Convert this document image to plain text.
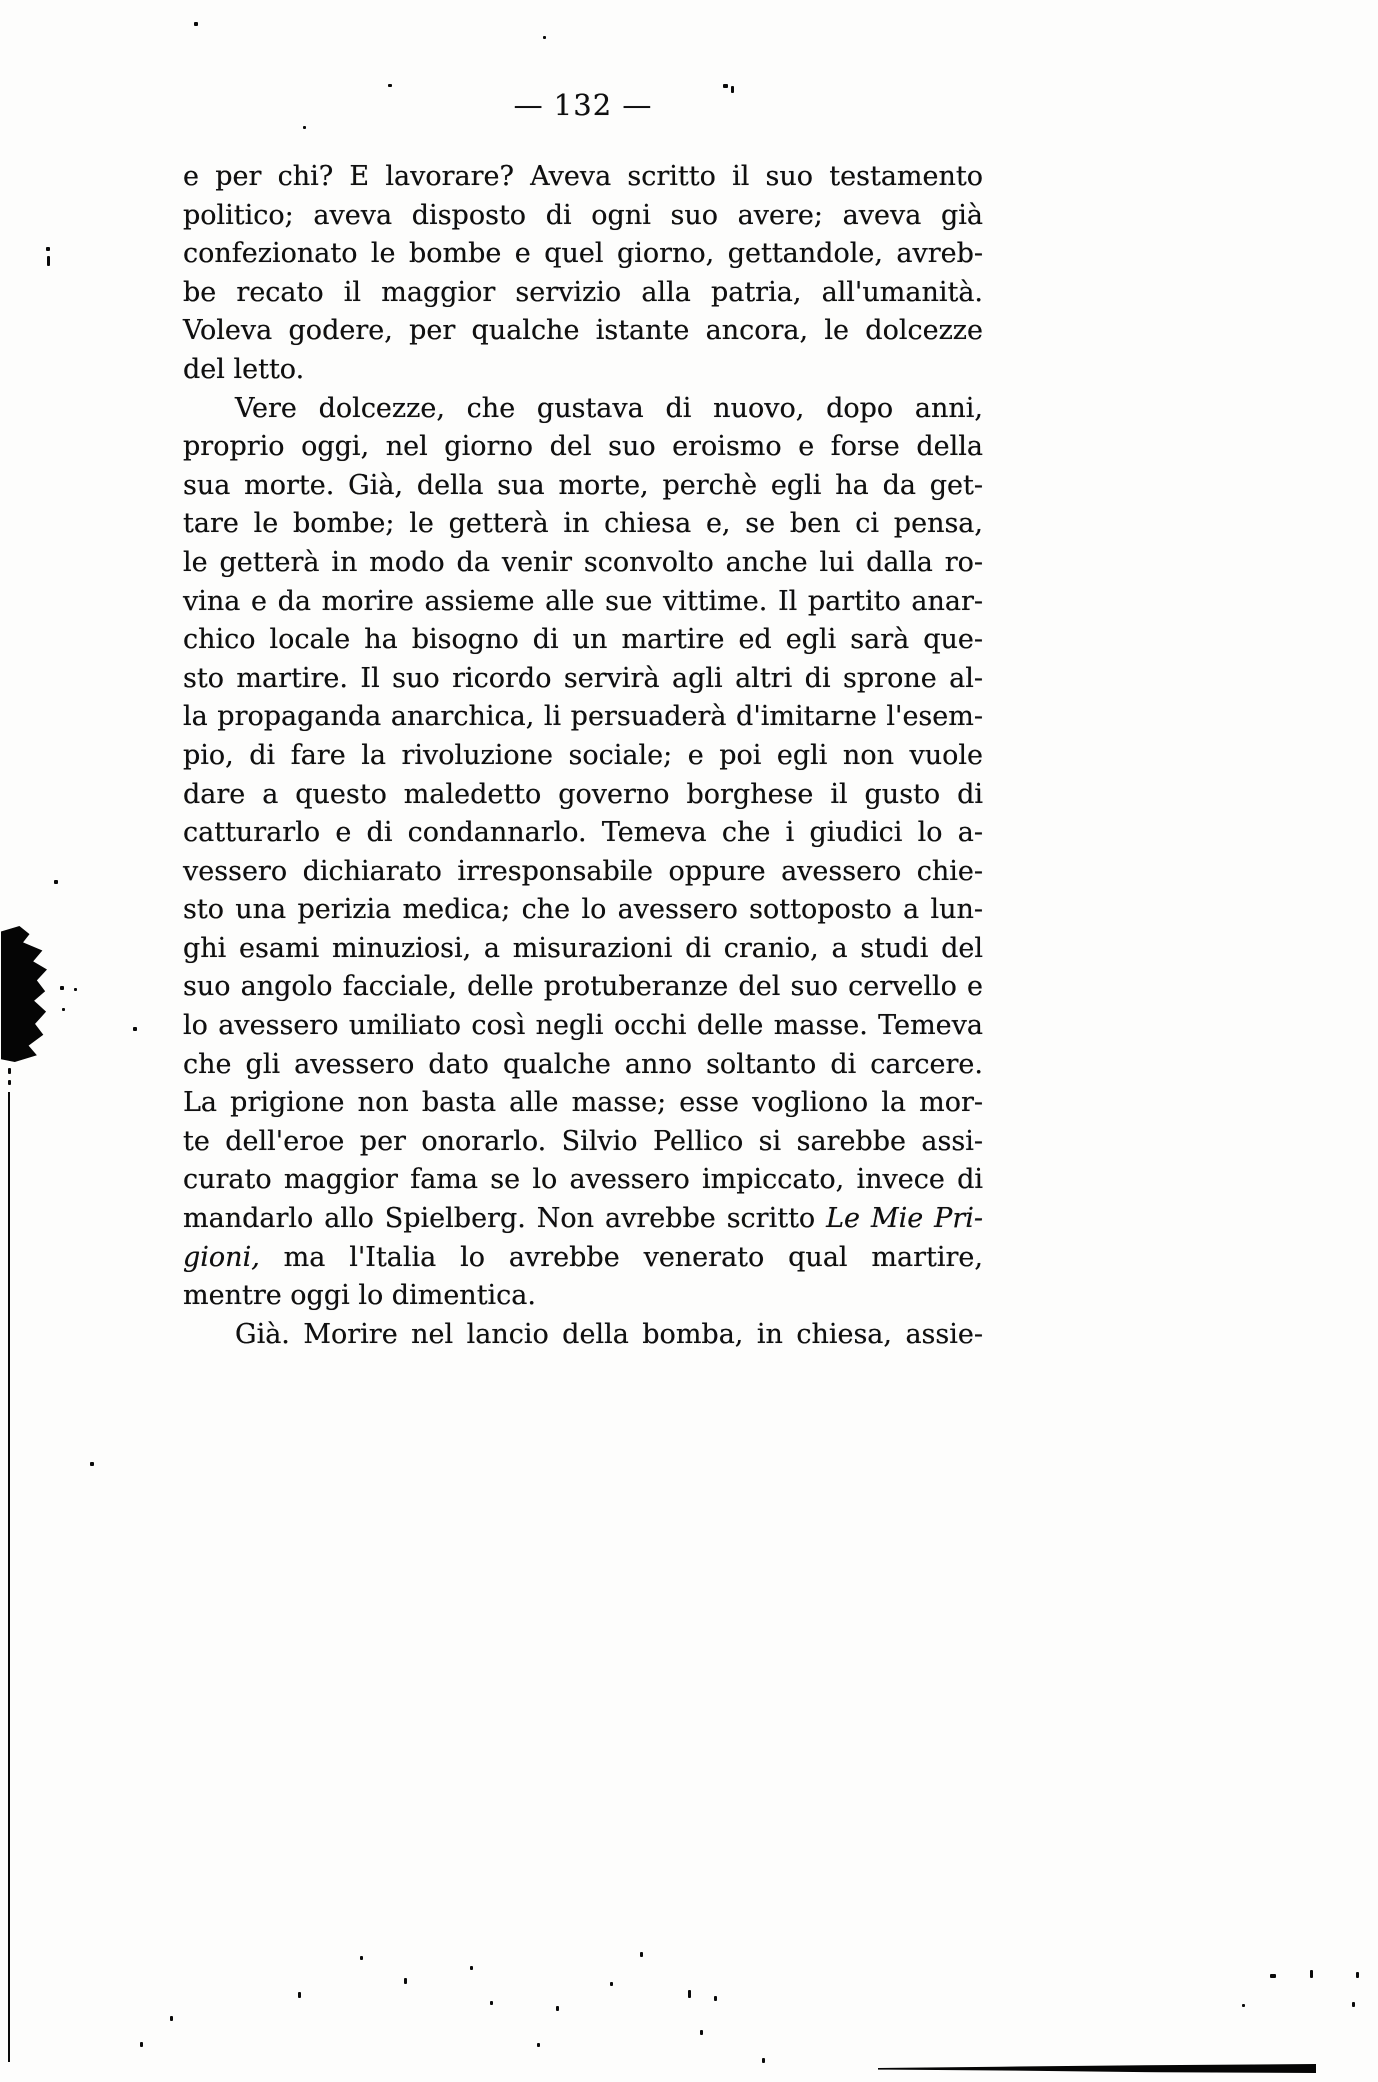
— 132 —
e per chi? E lavorare? Aveva scritto il suo testamento
politico; aveva disposto di ogni suo avere; aveva già
confezionato le bombe e quel giorno, gettandole, avreb-
be recato il maggior servizio alla patria, all'umanità.
Voleva godere, per qualche istante ancora, le dolcezze
del letto.
Vere dolcezze, che gustava di nuovo, dopo anni,
proprio oggi, nel giorno del suo eroismo e forse della
sua morte. Già, della sua morte, perchè egli ha da get-
tare le bombe; le getterà in chiesa e, se ben ci pensa,
le getterà in modo da venir sconvolto anche lui dalla ro-
vina e da morire assieme alle sue vittime. Il partito anar-
chico locale ha bisogno di un martire ed egli sarà que-
sto martire. Il suo ricordo servirà agli altri di sprone al-
la propaganda anarchica, li persuaderà d'imitarne l'esem-
pio, di fare la rivoluzione sociale; e poi egli non vuole
dare a questo maledetto governo borghese il gusto di
catturarlo e di condannarlo. Temeva che i giudici lo a-
vessero dichiarato irresponsabile oppure avessero chie-
sto una perizia medica; che lo avessero sottoposto a lun-
ghi esami minuziosi, a misurazioni di cranio, a studi del
suo angolo facciale, delle protuberanze del suo cervello e
lo avessero umiliato così negli occhi delle masse. Temeva
che gli avessero dato qualche anno soltanto di carcere.
La prigione non basta alle masse; esse vogliono la mor-
te dell'eroe per onorarlo. Silvio Pellico si sarebbe assi-
curato maggior fama se lo avessero impiccato, invece di
mandarlo allo Spielberg. Non avrebbe scritto Le Mie Pri-
gioni, ma l'Italia lo avrebbe venerato qual martire,
mentre oggi lo dimentica.
Già. Morire nel lancio della bomba, in chiesa, assie-
